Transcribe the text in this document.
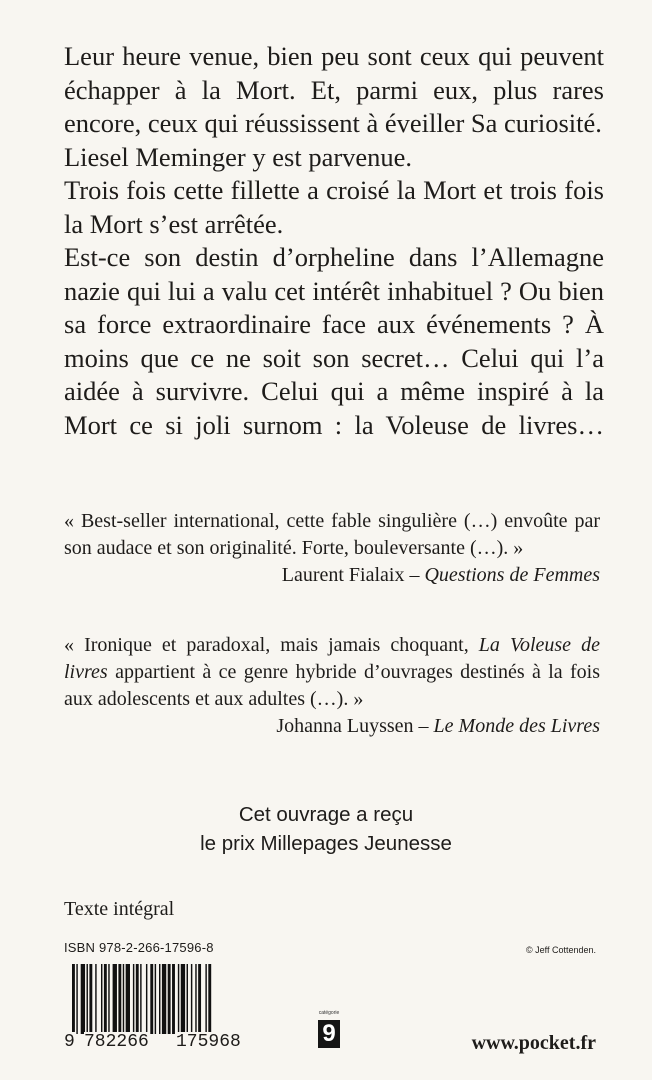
Leur heure venue, bien peu sont ceux qui peuvent échapper à la Mort. Et, parmi eux, plus rares encore, ceux qui réussissent à éveiller Sa curiosité.

Liesel Meminger y est parvenue.

Trois fois cette fillette a croisé la Mort et trois fois la Mort s’est arrêtée.

Est-ce son destin d’orpheline dans l’Allemagne nazie qui lui a valu cet intérêt inhabituel ? Ou bien sa force extraordinaire face aux événements ? À moins que ce ne soit son secret… Celui qui l’a aidée à survivre. Celui qui a même inspiré à la Mort ce si joli surnom : la Voleuse de livres…

« Best-seller international, cette fable singulière (…) envoûte par son audace et son originalité. Forte, bouleversante (…). »

Laurent Fialaix – Questions de Femmes

« Ironique et paradoxal, mais jamais choquant, La Voleuse de livres appartient à ce genre hybride d’ouvrages destinés à la fois aux adolescents et aux adultes (…). »

Johanna Luyssen – Le Monde des Livres
Cet ouvrage a reçu
le prix Millepages Jeunesse
Texte intégral
ISBN 978-2-266-17596-8	© Jeff Cottenden.
9 782266 175968
catégorie
9	www.pocket.fr
